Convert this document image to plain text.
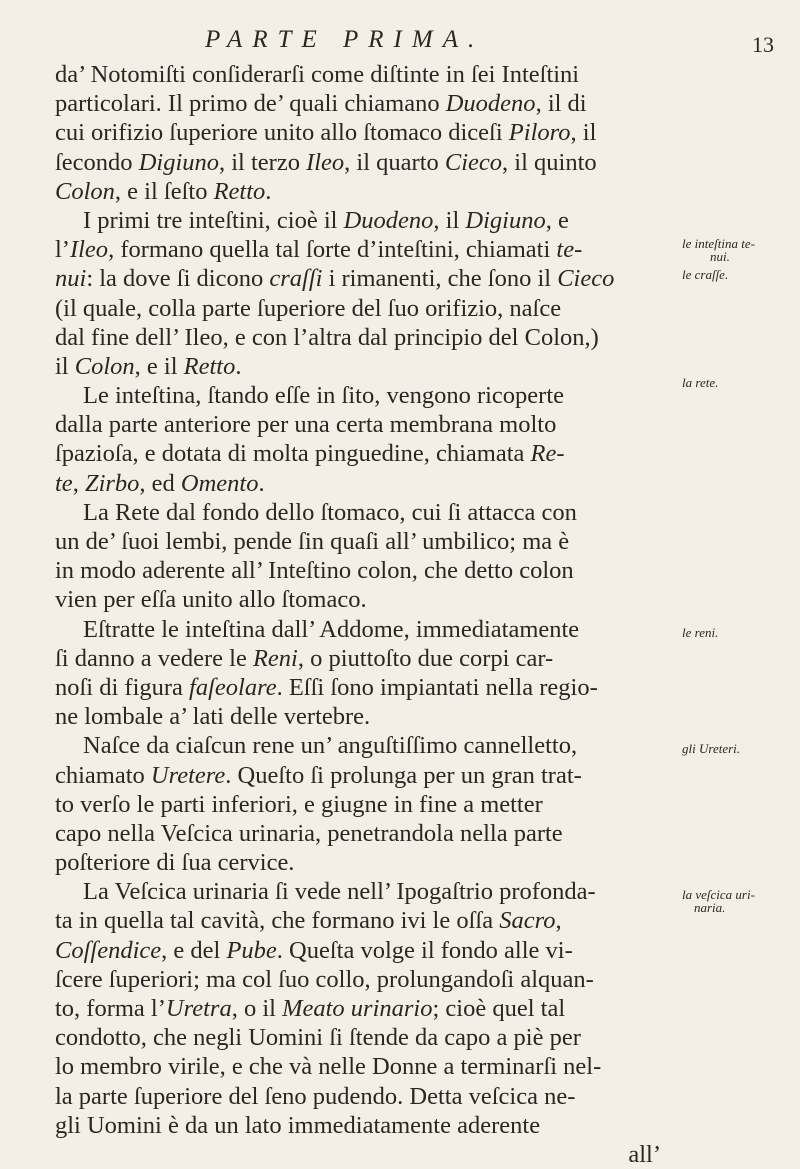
PARTE PRIMA.	13
da’ Notomiſti conſiderarſi come diſtinte in ſei Inteſtini
particolari. Il primo de’ quali chiamano Duodeno, il di
cui orifizio ſuperiore unito allo ſtomaco diceſi Piloro, il
ſecondo Digiuno, il terzo Ileo, il quarto Cieco, il quinto
Colon, e il ſeſto Retto.
I primi tre inteſtini, cioè il Duodeno, il Digiuno, e
l’Ileo, formano quella tal ſorte d’inteſtini, chiamati te-
nui: la dove ſi dicono craſſi i rimanenti, che ſono il Cieco
(il quale, colla parte ſuperiore del ſuo orifizio, naſce
dal fine dell’ Ileo, e con l’altra dal principio del Colon,)
il Colon, e il Retto.
Le inteſtina, ſtando eſſe in ſito, vengono ricoperte
dalla parte anteriore per una certa membrana molto
ſpazioſa, e dotata di molta pinguedine, chiamata Re-
te, Zirbo, ed Omento.
La Rete dal fondo dello ſtomaco, cui ſi attacca con
un de’ ſuoi lembi, pende ſin quaſi all’ umbilico; ma è
in modo aderente all’ Inteſtino colon, che detto colon
vien per eſſa unito allo ſtomaco.
Eſtratte le inteſtina dall’ Addome, immediatamente
ſi danno a vedere le Reni, o piuttoſto due corpi car-
noſi di figura faſeolare. Eſſi ſono impiantati nella regio-
ne lombale a’ lati delle vertebre.
Naſce da ciaſcun rene un’ anguſtiſſimo cannelletto,
chiamato Uretere. Queſto ſi prolunga per un gran trat-
to verſo le parti inferiori, e giugne in fine a metter
capo nella Veſcica urinaria, penetrandola nella parte
poſteriore di ſua cervice.
La Veſcica urinaria ſi vede nell’ Ipogaſtrio profonda-
ta in quella tal cavità, che formano ivi le oſſa Sacro,
Coſſendice, e del Pube. Queſta volge il fondo alle vi-
ſcere ſuperiori; ma col ſuo collo, prolungandoſi alquan-
to, forma l’Uretra, o il Meato urinario; cioè quel tal
condotto, che negli Uomini ſi ſtende da capo a piè per
lo membro virile, e che và nelle Donne a terminarſi nel-
la parte ſuperiore del ſeno pudendo. Detta veſcica ne-
gli Uomini è da un lato immediatamente aderente
all’
le inteſtina te-
nui.
le craſſe.
la rete.
le reni.
gli Ureteri.
la veſcica uri-
naria.
